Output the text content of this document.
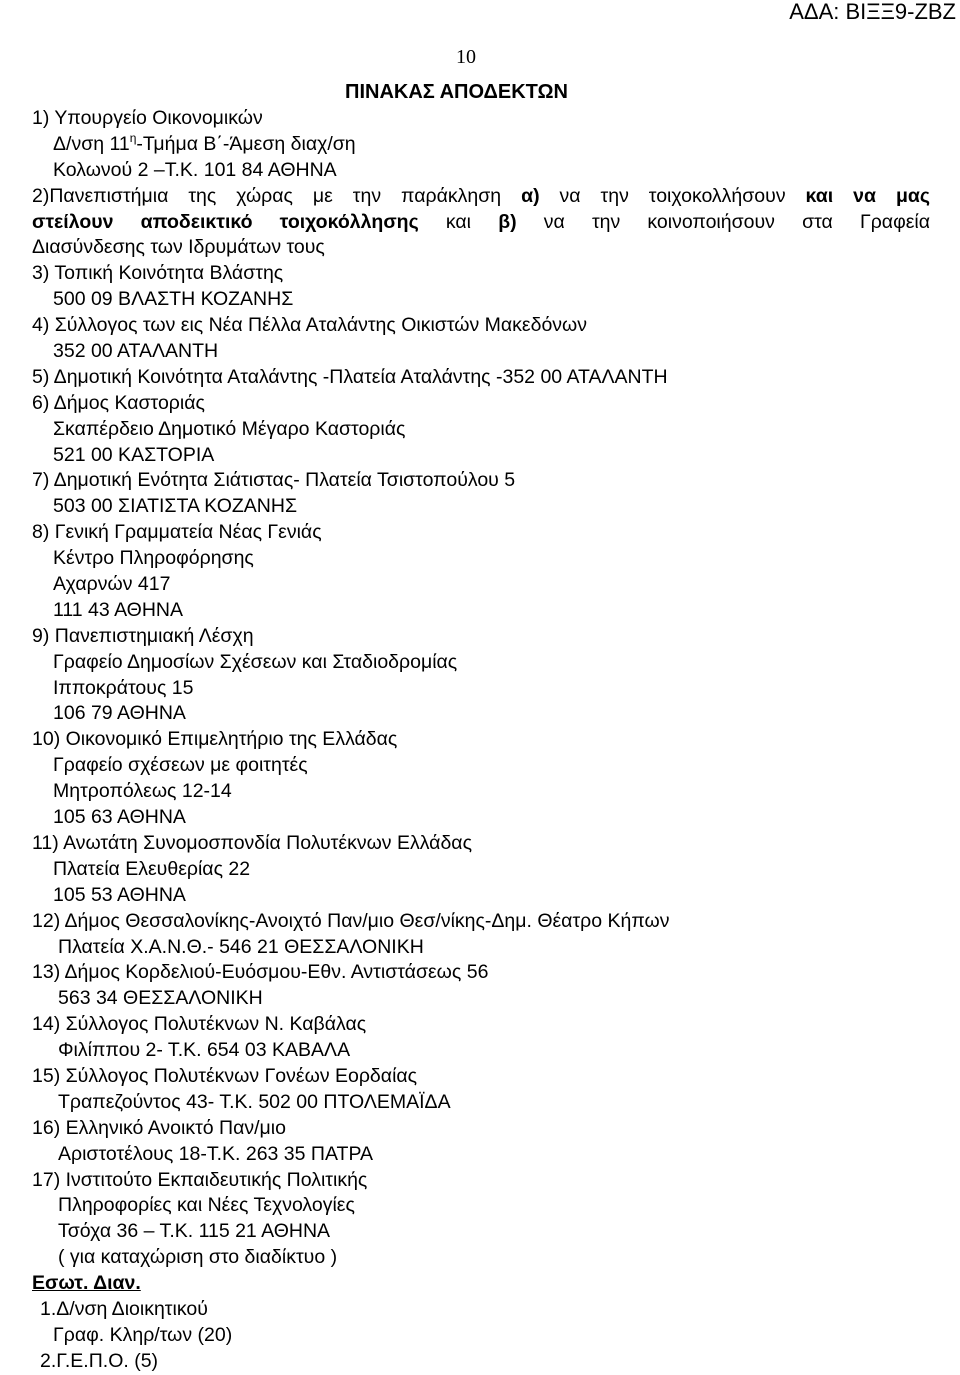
ΑΔΑ: ΒΙΞΞ9-ΖΒΖ
10
ΠΙΝΑΚΑΣ ΑΠΟΔΕΚΤΩΝ
1) Υπουργείο Οικονομικών
Δ/νση $11^\eta$-Τμήμα Β΄-Άμεση διαχ/ση
Κολωνού 2 –Τ.Κ. 101 84 ΑΘΗΝΑ
2)Πανεπιστήμια της χώρας με την παράκληση α) να την τοιχοκολλήσουν και να μας
στείλουν αποδεικτικό τοιχοκόλλησης και β) να την κοινοποιήσουν στα Γραφεία
Διασύνδεσης των Ιδρυμάτων τους
3) Τοπική Κοινότητα Βλάστης
500 09 ΒΛΑΣΤΗ ΚΟΖΑΝΗΣ
4) Σύλλογος των εις Νέα Πέλλα Αταλάντης Οικιστών Μακεδόνων
352 00 ΑΤΑΛΑΝΤΗ
5) Δημοτική Κοινότητα Αταλάντης -Πλατεία Αταλάντης -352 00 ΑΤΑΛΑΝΤΗ
6) Δήμος Καστοριάς
Σκαπέρδειο Δημοτικό Μέγαρο Καστοριάς
521 00 ΚΑΣΤΟΡΙΑ
7) Δημοτική Ενότητα Σιάτιστας- Πλατεία Τσιστοπούλου 5
503 00 ΣΙΑΤΙΣΤΑ ΚΟΖΑΝΗΣ
8) Γενική Γραμματεία Νέας Γενιάς
Κέντρο Πληροφόρησης
Αχαρνών 417
111 43 ΑΘΗΝΑ
9) Πανεπιστημιακή Λέσχη
Γραφείο Δημοσίων Σχέσεων και Σταδιοδρομίας
Ιπποκράτους 15
106 79 ΑΘΗΝΑ
10) Οικονομικό Επιμελητήριο της Ελλάδας
Γραφείο σχέσεων με φοιτητές
Μητροπόλεως 12-14
105 63 ΑΘΗΝΑ
11) Ανωτάτη Συνομοσπονδία Πολυτέκνων Ελλάδας
Πλατεία Ελευθερίας 22
105 53 ΑΘΗΝΑ
12) Δήμος Θεσσαλονίκης-Ανοιχτό Παν/μιο Θεσ/νίκης-Δημ. Θέατρο Κήπων
Πλατεία Χ.Α.Ν.Θ.- 546 21 ΘΕΣΣΑΛΟΝΙΚΗ
13) Δήμος Κορδελιού-Ευόσμου-Εθν. Αντιστάσεως 56
563 34 ΘΕΣΣΑΛΟΝΙΚΗ
14) Σύλλογος Πολυτέκνων Ν. Καβάλας
Φιλίππου 2- Τ.Κ. 654 03 ΚΑΒΑΛΑ
15) Σύλλογος Πολυτέκνων Γονέων Εορδαίας
Τραπεζούντος 43- Τ.Κ. 502 00 ΠΤΟΛΕΜΑΪΔΑ
16) Ελληνικό Ανοικτό Παν/μιο
Αριστοτέλους 18-Τ.Κ. 263 35 ΠΑΤΡΑ
17) Ινστιτούτο Εκπαιδευτικής Πολιτικής
Πληροφορίες και Νέες Τεχνολογίες
Τσόχα 36 – Τ.Κ. 115 21 ΑΘΗΝΑ
( για καταχώριση στο διαδίκτυο )
Εσωτ. Διαν.
1.Δ/νση Διοικητικού
Γραφ. Κληρ/των (20)
2.Γ.Ε.Π.Ο. (5)
